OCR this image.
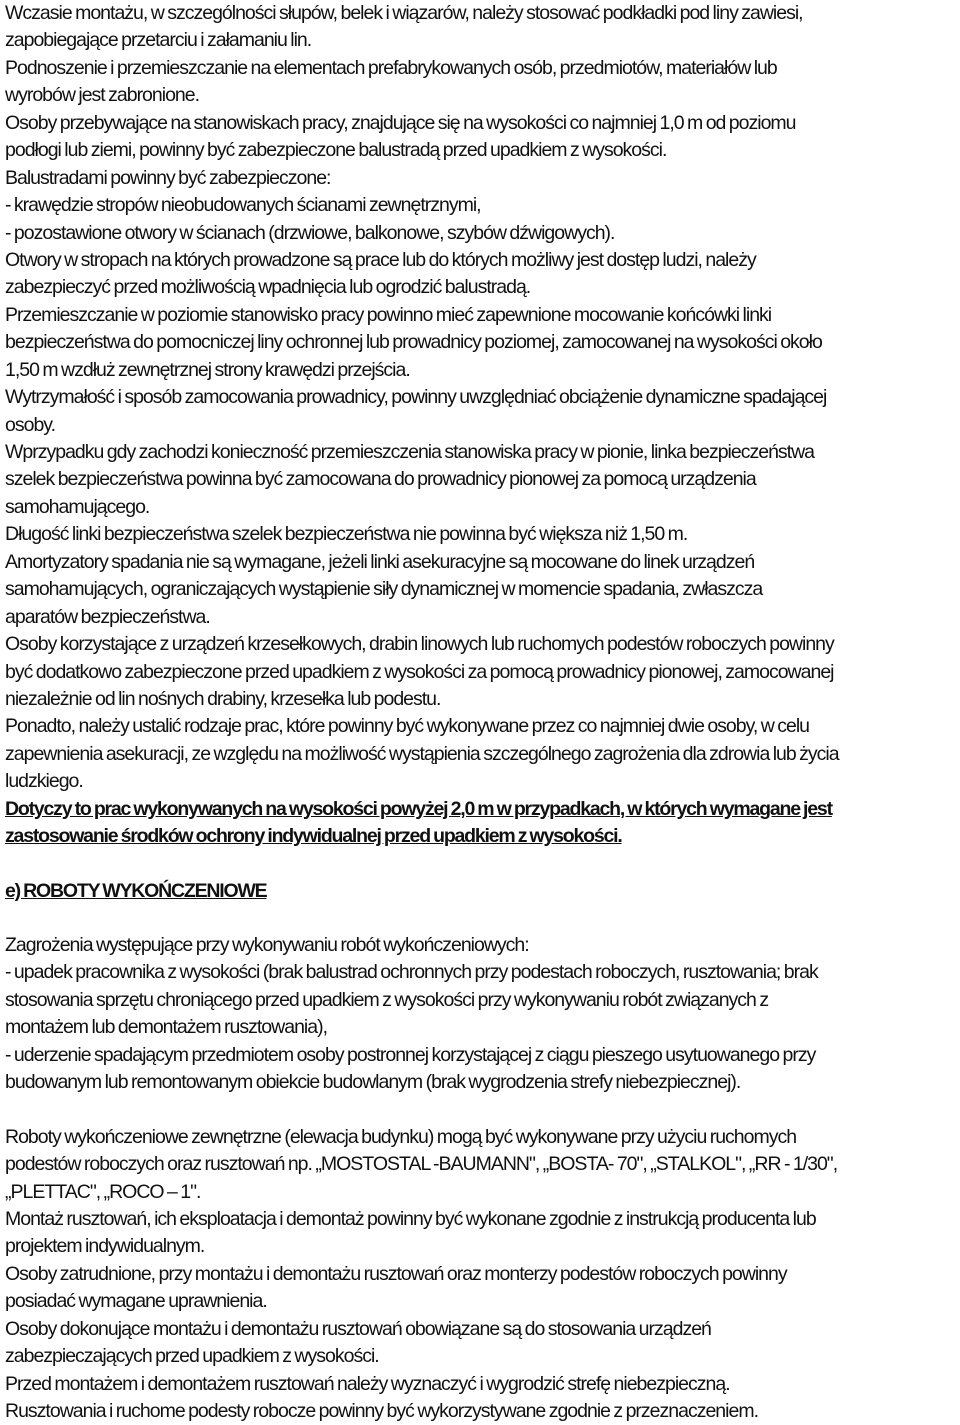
Wczasie montażu, w szczególności słupów, belek i wiązarów, należy stosować podkładki pod liny zawiesi,
zapobiegające przetarciu i załamaniu lin.
Podnoszenie i przemieszczanie na elementach prefabrykowanych osób, przedmiotów, materiałów lub
wyrobów jest zabronione.
Osoby przebywające na stanowiskach pracy, znajdujące się na wysokości co najmniej 1,0 m od poziomu
podłogi lub ziemi, powinny być zabezpieczone balustradą przed upadkiem z wysokości.
Balustradami powinny być zabezpieczone:
- krawędzie stropów nieobudowanych ścianami zewnętrznymi,
- pozostawione otwory w ścianach (drzwiowe, balkonowe, szybów dźwigowych).
Otwory w stropach na których prowadzone są prace lub do których możliwy jest dostęp ludzi, należy
zabezpieczyć przed możliwością wpadnięcia lub ogrodzić balustradą.
Przemieszczanie w poziomie stanowisko pracy powinno mieć zapewnione mocowanie końcówki linki
bezpieczeństwa do pomocniczej liny ochronnej lub prowadnicy poziomej, zamocowanej na wysokości około
1,50 m wzdłuż zewnętrznej strony krawędzi przejścia.
Wytrzymałość i sposób zamocowania prowadnicy, powinny uwzględniać obciążenie dynamiczne spadającej
osoby.
Wprzypadku gdy zachodzi konieczność przemieszczenia stanowiska pracy w pionie, linka bezpieczeństwa
szelek bezpieczeństwa powinna być zamocowana do prowadnicy pionowej za pomocą urządzenia
samohamującego.
Długość linki bezpieczeństwa szelek bezpieczeństwa nie powinna być większa niż 1,50 m.
Amortyzatory spadania nie są wymagane, jeżeli linki asekuracyjne są mocowane do linek urządzeń
samohamujących, ograniczających wystąpienie siły dynamicznej w momencie spadania, zwłaszcza
aparatów bezpieczeństwa.
Osoby korzystające z urządzeń krzesełkowych, drabin linowych lub ruchomych podestów roboczych powinny
być dodatkowo zabezpieczone przed upadkiem z wysokości za pomocą prowadnicy pionowej, zamocowanej
niezależnie od lin nośnych drabiny, krzesełka lub podestu.
Ponadto, należy ustalić rodzaje prac, które powinny być wykonywane przez co najmniej dwie osoby, w celu
zapewnienia asekuracji, ze względu na możliwość wystąpienia szczególnego zagrożenia dla zdrowia lub życia
ludzkiego.
Dotyczy to prac wykonywanych na wysokości powyżej 2,0 m w przypadkach, w których wymagane jest
zastosowanie środków ochrony indywidualnej przed upadkiem z wysokości.
e) ROBOTY WYKOŃCZENIOWE
Zagrożenia występujące przy wykonywaniu robót wykończeniowych:
- upadek pracownika z wysokości (brak balustrad ochronnych przy podestach roboczych, rusztowania; brak
stosowania sprzętu chroniącego przed upadkiem z wysokości przy wykonywaniu robót związanych z
montażem lub demontażem rusztowania),
- uderzenie spadającym przedmiotem osoby postronnej korzystającej z ciągu pieszego usytuowanego przy
budowanym lub remontowanym obiekcie budowlanym (brak wygrodzenia strefy niebezpiecznej).
Roboty wykończeniowe zewnętrzne (elewacja budynku) mogą być wykonywane przy użyciu ruchomych
podestów roboczych oraz rusztowań np. „MOSTOSTAL -BAUMANN", „BOSTA- 70", „STALKOL", „RR - 1/30",
„PLETTAC", „ROCO – 1".
Montaż rusztowań, ich eksploatacja i demontaż powinny być wykonane zgodnie z instrukcją producenta lub
projektem indywidualnym.
Osoby zatrudnione, przy montażu i demontażu rusztowań oraz monterzy podestów roboczych powinny
posiadać wymagane uprawnienia.
Osoby dokonujące montażu i demontażu rusztowań obowiązane są do stosowania urządzeń
zabezpieczających przed upadkiem z wysokości.
Przed montażem i demontażem rusztowań należy wyznaczyć i wygrodzić strefę niebezpieczną.
Rusztowania i ruchome podesty robocze powinny być wykorzystywane zgodnie z przeznaczeniem.
